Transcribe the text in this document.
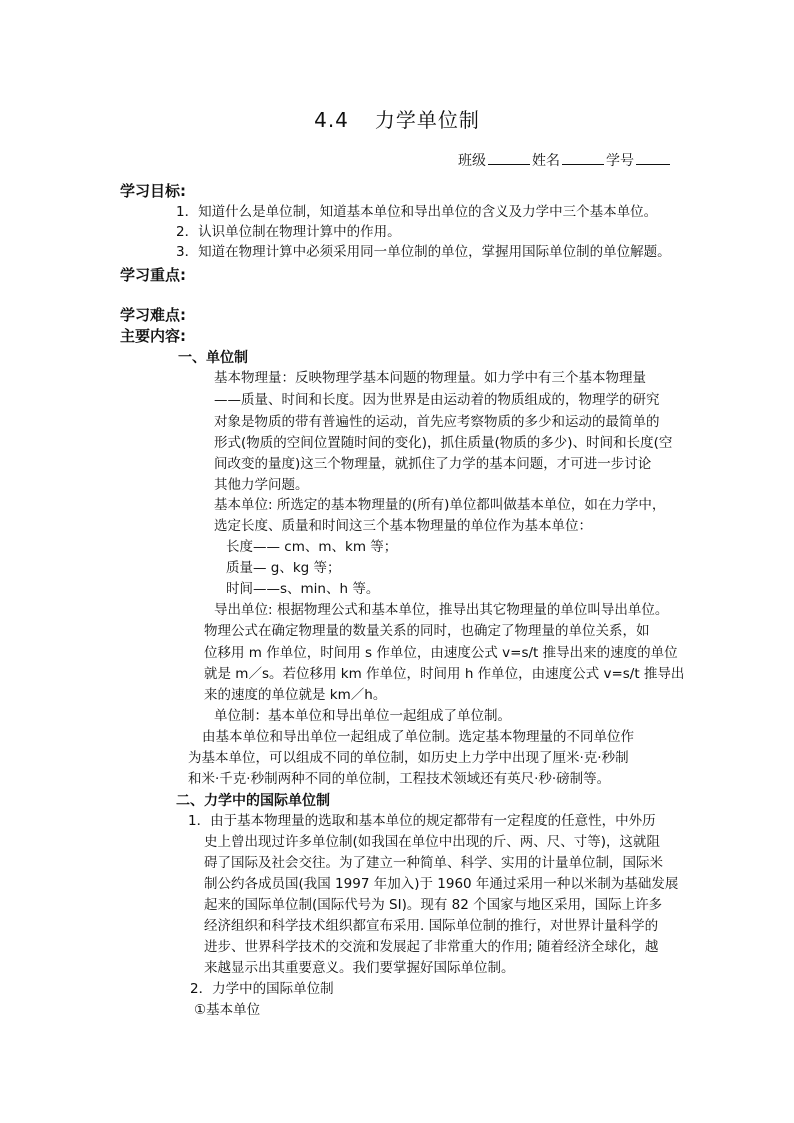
4.4 力学单位制
班级	姓名	学号
学习目标:
1．知道什么是单位制，知道基本单位和导出单位的含义及力学中三个基本单位。
2．认识单位制在物理计算中的作用。
3．知道在物理计算中必须采用同一单位制的单位，掌握用国际单位制的单位解题。
学习重点:
学习难点:
主要内容:
一、单位制
基本物理量：反映物理学基本问题的物理量。如力学中有三个基本物理量
——质量、时间和长度。因为世界是由运动着的物质组成的，物理学的研究
对象是物质的带有普遍性的运动，首先应考察物质的多少和运动的最简单的
形式(物质的空间位置随时间的变化)，抓住质量(物质的多少)、时间和长度(空
间改变的量度)这三个物理量，就抓住了力学的基本问题，才可进一步讨论
其他力学问题。
基本单位: 所选定的基本物理量的(所有)单位都叫做基本单位，如在力学中，
选定长度、质量和时间这三个基本物理量的单位作为基本单位：
长度—— cm、m、km 等；
质量— g、kg 等；
时间——s、min、h 等。
导出单位: 根据物理公式和基本单位，推导出其它物理量的单位叫导出单位。
物理公式在确定物理量的数量关系的同时，也确定了物理量的单位关系，如
位移用 m 作单位，时间用 s 作单位，由速度公式 v=s/t 推导出来的速度的单位
就是 m／s。若位移用 km 作单位，时间用 h 作单位，由速度公式 v=s/t 推导出
来的速度的单位就是 km／h。
单位制：基本单位和导出单位一起组成了单位制。
由基本单位和导出单位一起组成了单位制。选定基本物理量的不同单位作
为基本单位，可以组成不同的单位制，如历史上力学中出现了厘米·克·秒制
和米·千克·秒制两种不同的单位制，工程技术领域还有英尺·秒·磅制等。
二、力学中的国际单位制
1．由于基本物理量的选取和基本单位的规定都带有一定程度的任意性，中外历
史上曾出现过许多单位制(如我国在单位中出现的斤、两、尺、寸等)，这就阻
碍了国际及社会交往。为了建立一种简单、科学、实用的计量单位制，国际米
制公约各成员国(我国 1997 年加入)于 1960 年通过采用一种以米制为基础发展
起来的国际单位制(国际代号为 SI)。现有 82 个国家与地区采用，国际上许多
经济组织和科学技术组织都宣布采用. 国际单位制的推行，对世界计量科学的
进步、世界科学技术的交流和发展起了非常重大的作用; 随着经济全球化，越
来越显示出其重要意义。我们要掌握好国际单位制。
2．力学中的国际单位制
①基本单位
